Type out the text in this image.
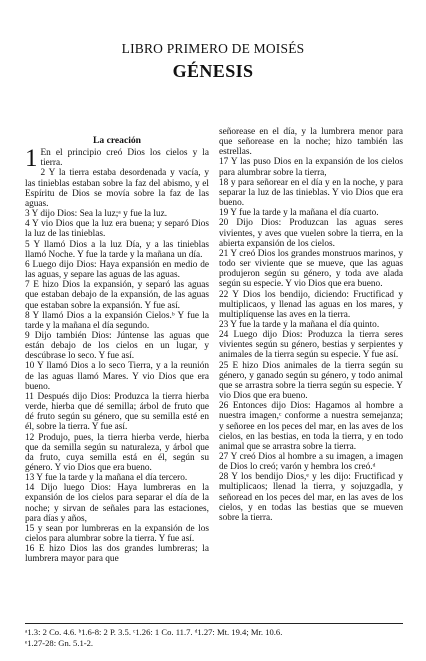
LIBRO PRIMERO DE MOISÉS
GÉNESIS
La creación

1 En el principio creó Dios los cielos y la tierra.

2 Y la tierra estaba desordenada y vacía, y las tinieblas estaban sobre la faz del abismo, y el Espíritu de Dios se movía sobre la faz de las aguas.

3 Y dijo Dios: Sea la luz;ᵃ y fue la luz.

4 Y vio Dios que la luz era buena; y separó Dios la luz de las tinieblas.

5 Y llamó Dios a la luz Día, y a las tinieblas llamó Noche. Y fue la tarde y la mañana un día.

6 Luego dijo Dios: Haya expansión en medio de las aguas, y separe las aguas de las aguas.

7 E hizo Dios la expansión, y separó las aguas que estaban debajo de la expansión, de las aguas que estaban sobre la expansión. Y fue así.

8 Y llamó Dios a la expansión Cielos.ᵇ Y fue la tarde y la mañana el día segundo.

9 Dijo también Dios: Júntense las aguas que están debajo de los cielos en un lugar, y descúbrase lo seco. Y fue así.

10 Y llamó Dios a lo seco Tierra, y a la reunión de las aguas llamó Mares. Y vio Dios que era bueno.

11 Después dijo Dios: Produzca la tierra hierba verde, hierba que dé semilla; árbol de fruto que dé fruto según su género, que su semilla esté en él, sobre la tierra. Y fue así.

12 Produjo, pues, la tierra hierba verde, hierba que da semilla según su naturaleza, y árbol que da fruto, cuya semilla está en él, según su género. Y vio Dios que era bueno.

13 Y fue la tarde y la mañana el día tercero.

14 Dijo luego Dios: Haya lumbreras en la expansión de los cielos para separar el día de la noche; y sirvan de señales para las estaciones, para días y años,

15 y sean por lumbreras en la expansión de los cielos para alumbrar sobre la tierra. Y fue así.

16 E hizo Dios las dos grandes lumbreras; la lumbrera mayor para que

señorease en el día, y la lumbrera menor para que señorease en la noche; hizo también las estrellas.

17 Y las puso Dios en la expansión de los cielos para alumbrar sobre la tierra,

18 y para señorear en el día y en la noche, y para separar la luz de las tinieblas. Y vio Dios que era bueno.

19 Y fue la tarde y la mañana el día cuarto.

20 Dijo Dios: Produzcan las aguas seres vivientes, y aves que vuelen sobre la tierra, en la abierta expansión de los cielos.

21 Y creó Dios los grandes monstruos marinos, y todo ser viviente que se mueve, que las aguas produjeron según su género, y toda ave alada según su especie. Y vio Dios que era bueno.

22 Y Dios los bendijo, diciendo: Fructificad y multiplicaos, y llenad las aguas en los mares, y multiplíquense las aves en la tierra.

23 Y fue la tarde y la mañana el día quinto.

24 Luego dijo Dios: Produzca la tierra seres vivientes según su género, bestias y serpientes y animales de la tierra según su especie. Y fue así.

25 E hizo Dios animales de la tierra según su género, y ganado según su género, y todo animal que se arrastra sobre la tierra según su especie. Y vio Dios que era bueno.

26 Entonces dijo Dios: Hagamos al hombre a nuestra imagen,ᶜ conforme a nuestra semejanza; y señoree en los peces del mar, en las aves de los cielos, en las bestias, en toda la tierra, y en todo animal que se arrastra sobre la tierra.

27 Y creó Dios al hombre a su imagen, a imagen de Dios lo creó; varón y hembra los creó.ᵈ

28 Y los bendijo Dios,ᵉ y les dijo: Fructificad y multiplicaos; llenad la tierra, y sojuzgadla, y señoread en los peces del mar, en las aves de los cielos, y en todas las bestias que se mueven sobre la tierra.

ᵃ1.3: 2 Co. 4.6. ᵇ1.6-8: 2 P. 3.5. ᶜ1.26: 1 Co. 11.7. ᵈ1.27: Mt. 19.4; Mr. 10.6.

ᵉ1.27-28: Gn. 5.1-2.
